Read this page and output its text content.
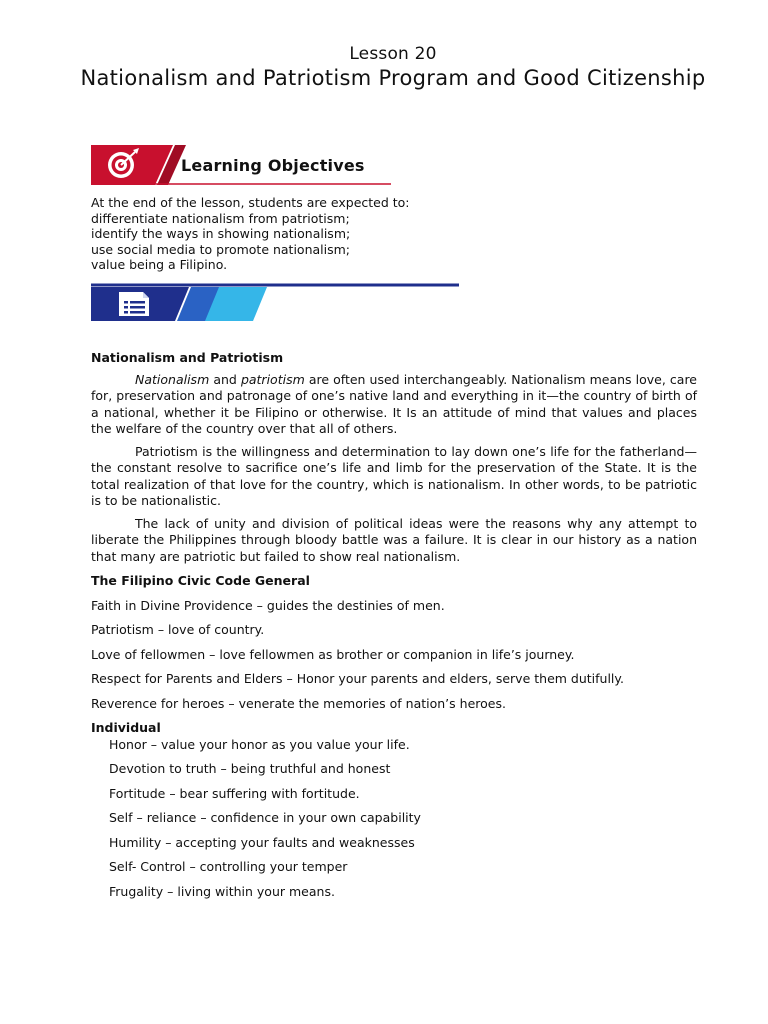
Lesson 20
Nationalism and Patriotism Program and Good Citizenship
Learning Objectives
At the end of the lesson, students are expected to:
differentiate nationalism from patriotism;
identify the ways in showing nationalism;
use social media to promote nationalism;
value being a Filipino.
Nationalism and Patriotism

Nationalism and patriotism are often used interchangeably. Nationalism means love, care for, preservation and patronage of one’s native land and everything in it—the country of birth of a national, whether it be Filipino or otherwise. It Is an attitude of mind that values and places the welfare of the country over that all of others.

Patriotism is the willingness and determination to lay down one’s life for the fatherland—the constant resolve to sacrifice one’s life and limb for the preservation of the State. It is the total realization of that love for the country, which is nationalism. In other words, to be patriotic is to be nationalistic.

The lack of unity and division of political ideas were the reasons why any attempt to liberate the Philippines through bloody battle was a failure. It is clear in our history as a nation that many are patriotic but failed to show real nationalism.

The Filipino Civic Code General
Faith in Divine Providence – guides the destinies of men.
Patriotism – love of country.
Love of fellowmen – love fellowmen as brother or companion in life’s journey.
Respect for Parents and Elders – Honor your parents and elders, serve them dutifully.
Reverence for heroes – venerate the memories of nation’s heroes.
Individual
Honor – value your honor as you value your life.
Devotion to truth – being truthful and honest
Fortitude – bear suffering with fortitude.
Self – reliance – confidence in your own capability
Humility – accepting your faults and weaknesses
Self- Control – controlling your temper
Frugality – living within your means.
